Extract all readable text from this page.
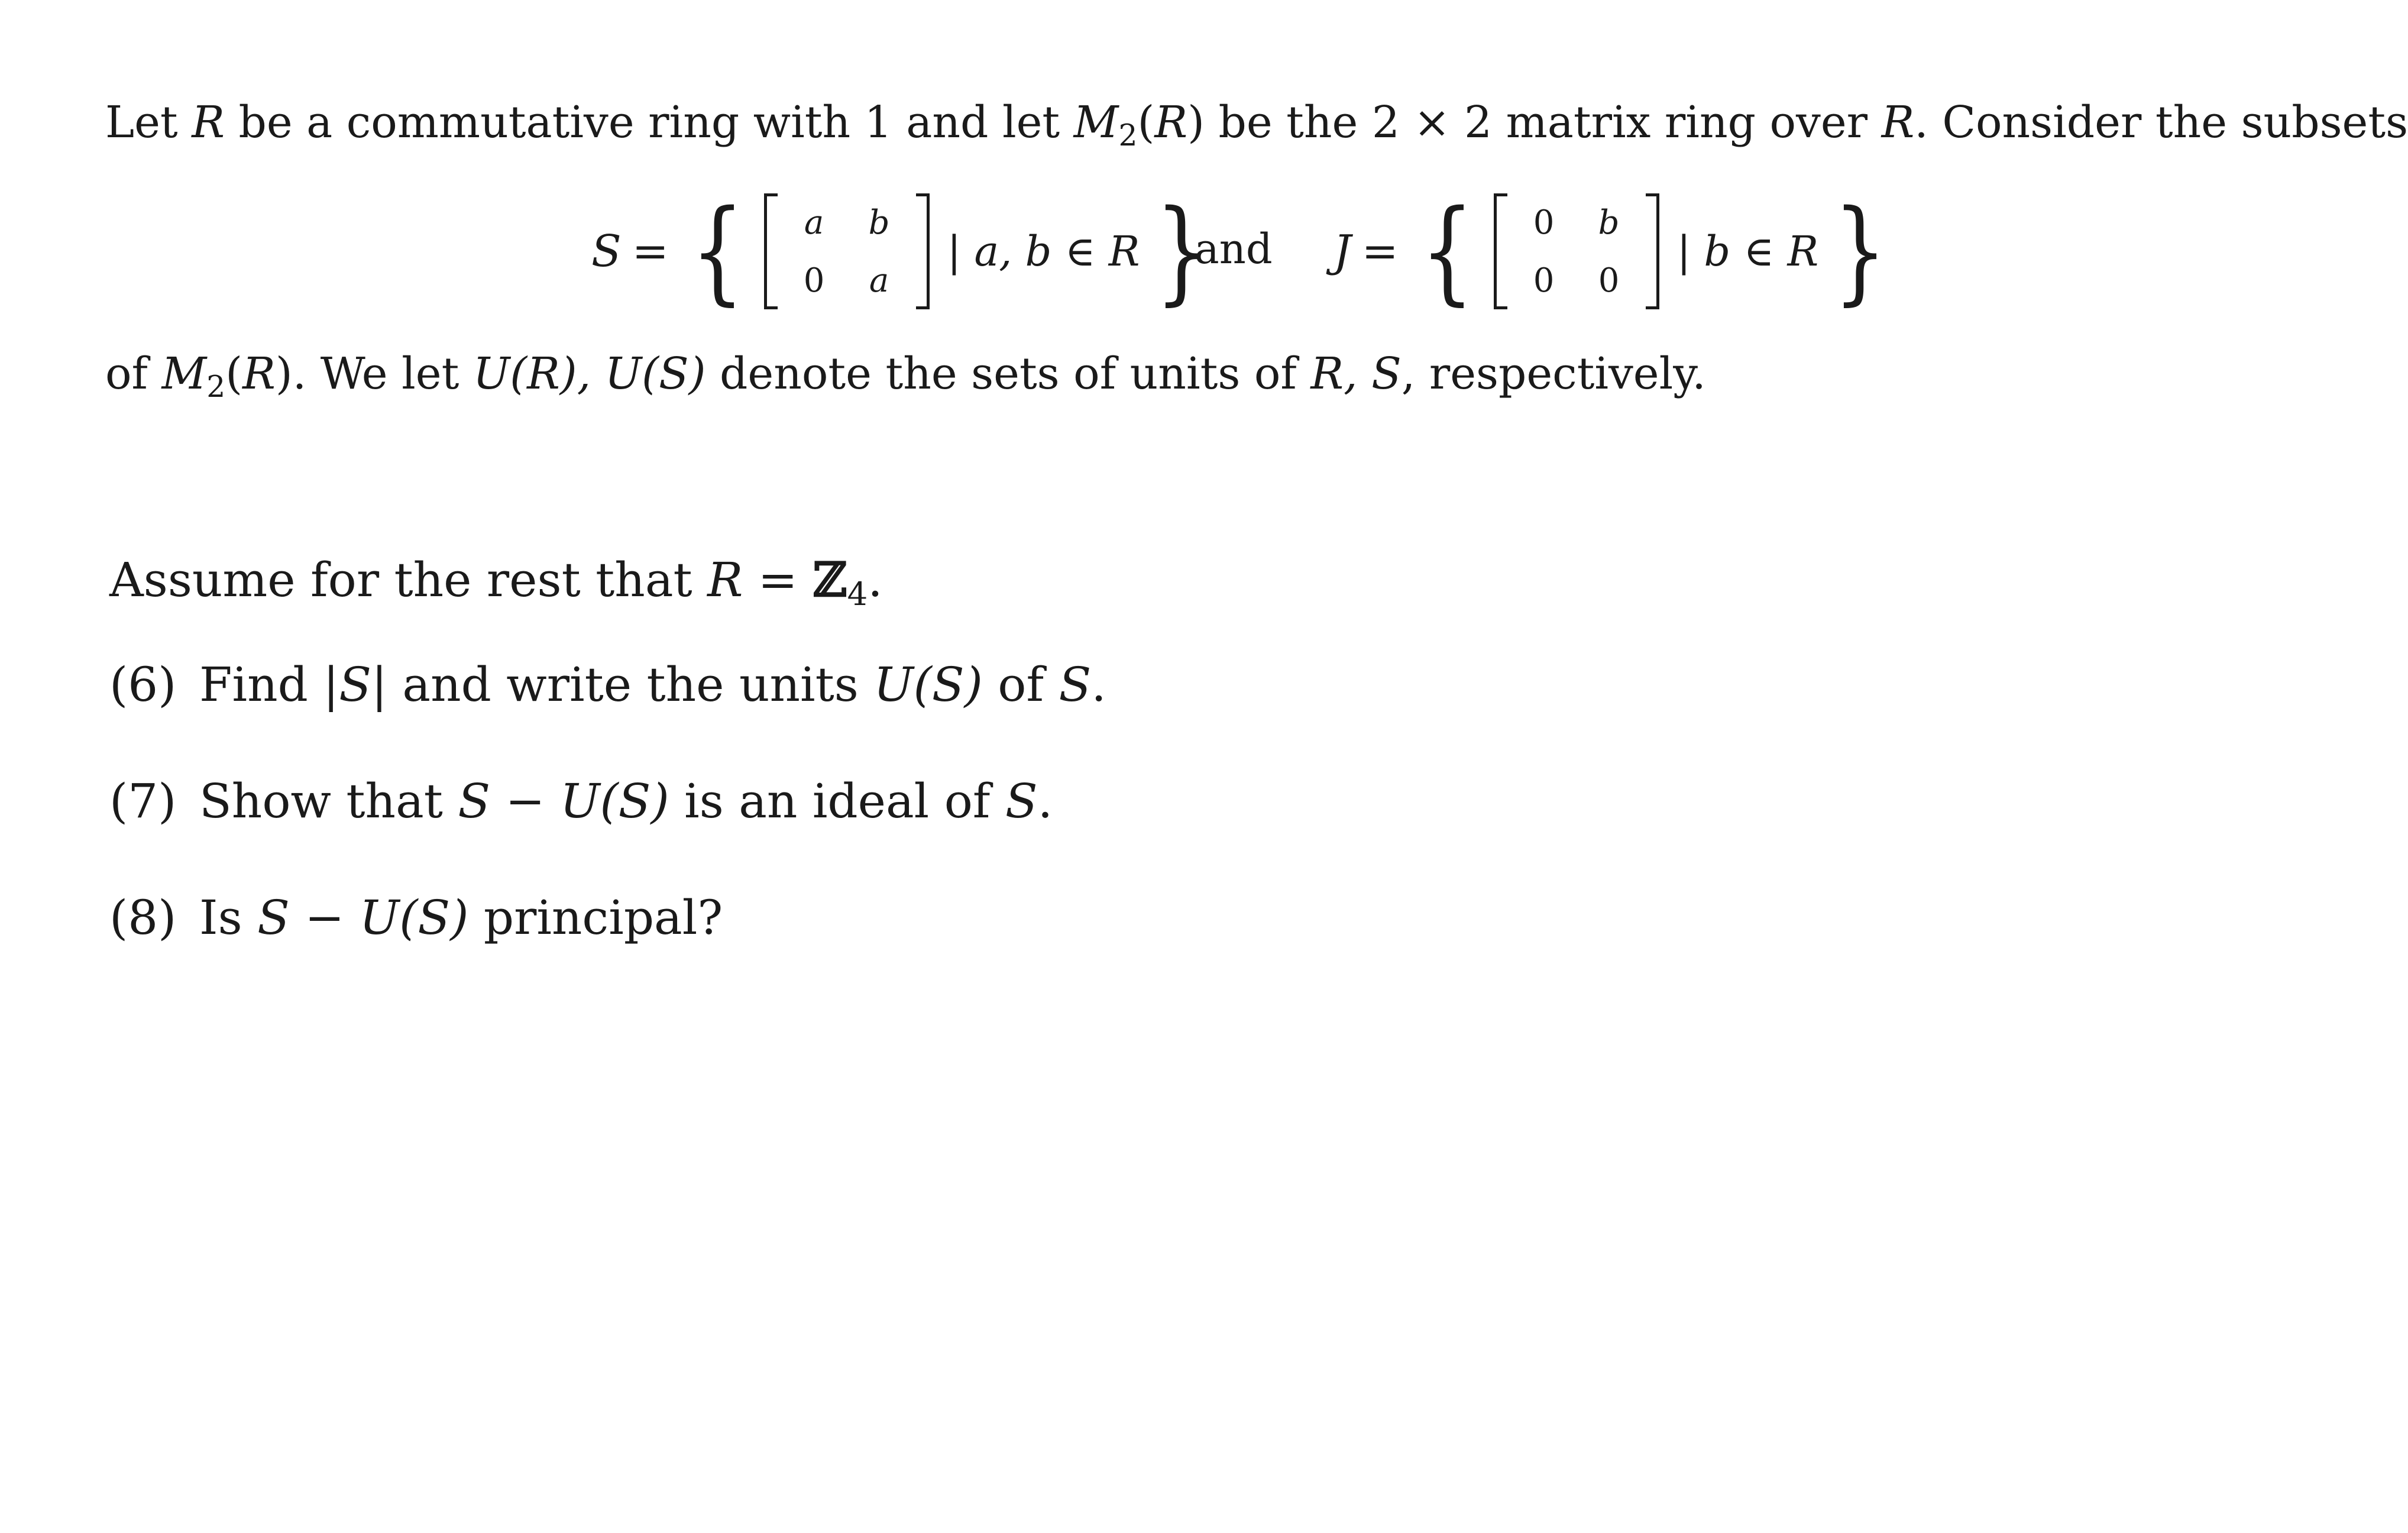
Let R be a commutative ring with 1 and let M2(R) be the 2 × 2 matrix ring over R. Consider the subsets
S = { a b
0 a
| a, b ∈ R }
and J = { 0 b
0 0
| b ∈ R }
of M2(R). We let U(R), U(S) denote the sets of units of R, S, respectively.
Assume for the rest that R = ℤ4.
(6) Find |S| and write the units U(S) of S.
(7) Show that S − U(S) is an ideal of S.
(8) Is S − U(S) principal?
